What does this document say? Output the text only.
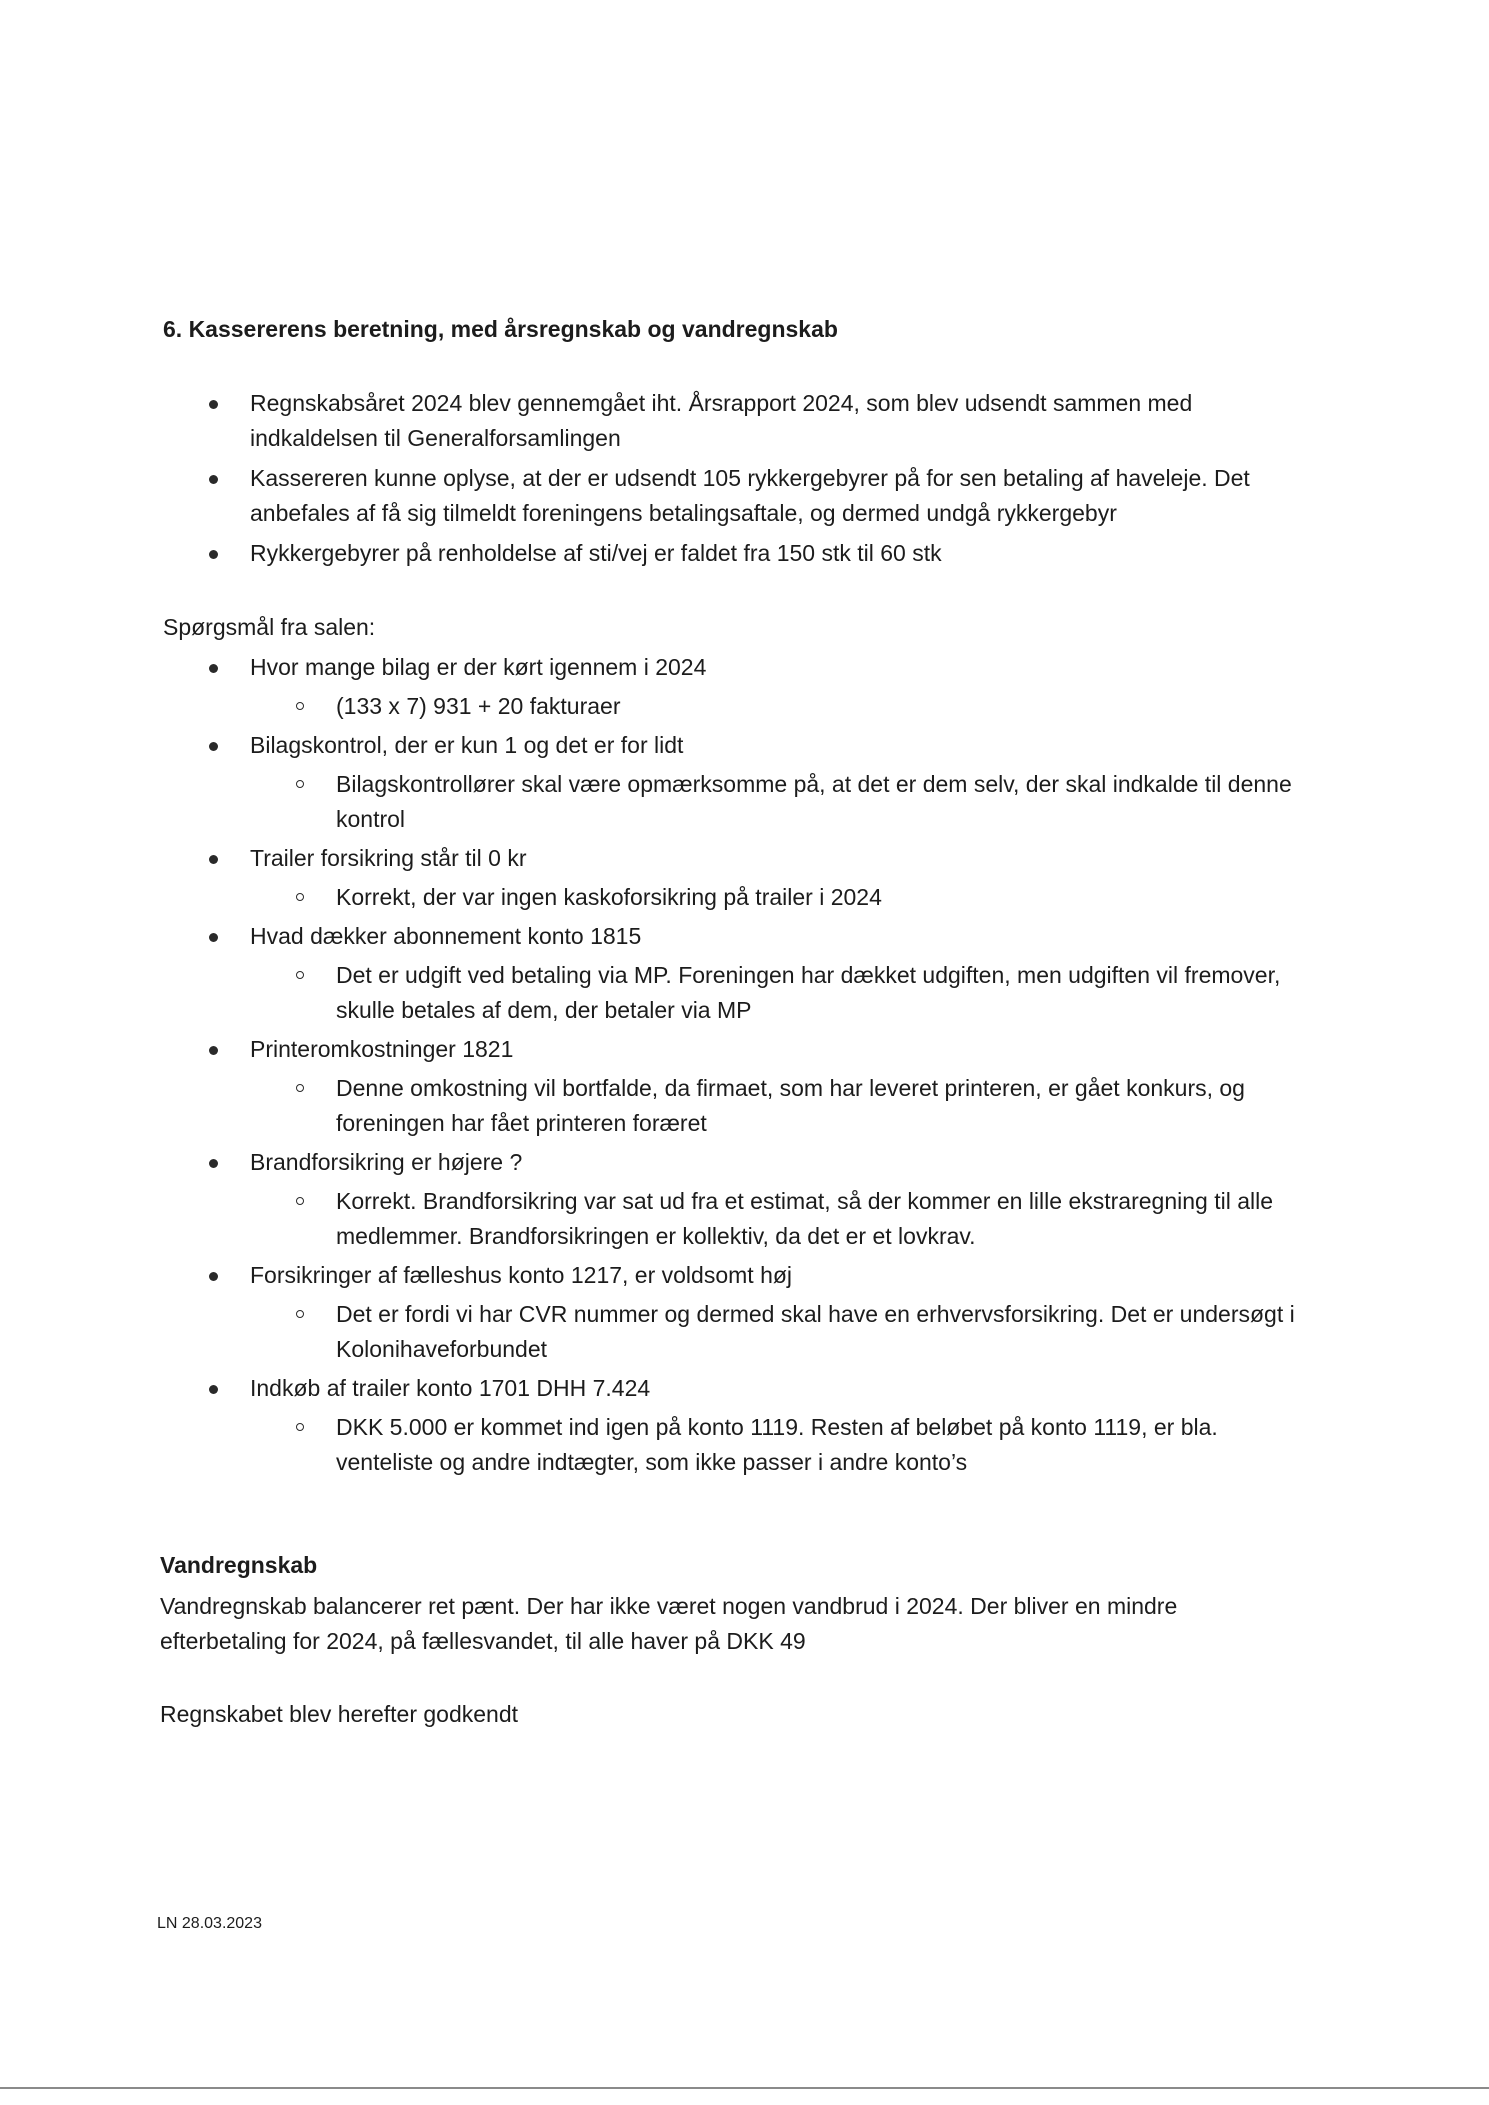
6. Kassererens beretning, med årsregnskab og vandregnskab
Regnskabsåret 2024 blev gennemgået iht. Årsrapport 2024, som blev udsendt sammen med indkaldelsen til Generalforsamlingen
Kassereren kunne oplyse, at der er udsendt 105 rykkergebyrer på for sen betaling af haveleje. Det anbefales af få sig tilmeldt foreningens betalingsaftale, og dermed undgå rykkergebyr
Rykkergebyrer på renholdelse af sti/vej er faldet fra 150 stk til 60 stk
Spørgsmål fra salen:
Hvor mange bilag er der kørt igennem i 2024
(133 x 7) 931 + 20 fakturaer
Bilagskontrol, der er kun 1 og det er for lidt
Bilagskontrollører skal være opmærksomme på, at det er dem selv, der skal indkalde til denne kontrol
Trailer forsikring står til 0 kr
Korrekt, der var ingen kaskoforsikring på trailer i 2024
Hvad dækker abonnement konto 1815
Det er udgift ved betaling via MP. Foreningen har dækket udgiften, men udgiften vil fremover, skulle betales af dem, der betaler via MP
Printeromkostninger 1821
Denne omkostning vil bortfalde, da firmaet, som har leveret printeren, er gået konkurs, og foreningen har fået printeren foræret
Brandforsikring er højere ?
Korrekt. Brandforsikring var sat ud fra et estimat, så der kommer en lille ekstraregning til alle medlemmer. Brandforsikringen er kollektiv, da det er et lovkrav.
Forsikringer af fælleshus konto 1217, er voldsomt høj
Det er fordi vi har CVR nummer og dermed skal have en erhvervsforsikring. Det er undersøgt i Kolonihaveforbundet
Indkøb af trailer konto 1701 DHH 7.424
DKK 5.000 er kommet ind igen på konto 1119. Resten af beløbet på konto 1119, er bla. venteliste og andre indtægter, som ikke passer i andre konto’s
Vandregnskab
Vandregnskab balancerer ret pænt. Der har ikke været nogen vandbrud i 2024. Der bliver en mindre efterbetaling for 2024, på fællesvandet, til alle haver på DKK 49
Regnskabet blev herefter godkendt
LN 28.03.2023
